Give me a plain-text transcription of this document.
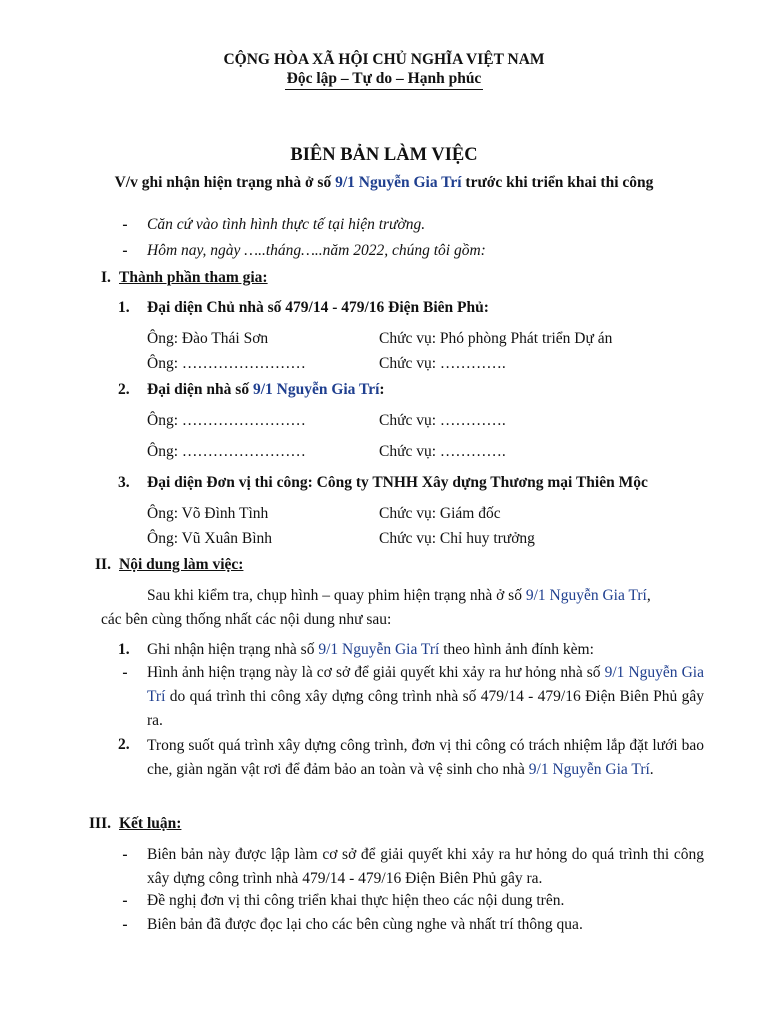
CỘNG HÒA XÃ HỘI CHỦ NGHĨA VIỆT NAM
Độc lập – Tự do – Hạnh phúc
BIÊN BẢN LÀM VIỆC
V/v ghi nhận hiện trạng nhà ở số 9/1 Nguyễn Gia Trí trước khi triển khai thi công
- Căn cứ vào tình hình thực tế tại hiện trường.
- Hôm nay, ngày …..tháng…..năm 2022, chúng tôi gồm:
I. Thành phần tham gia:
1. Đại diện Chủ nhà số 479/14 - 479/16 Điện Biên Phủ:
Ông: Đào Thái Sơn	Chức vụ: Phó phòng Phát triển Dự án
Ông: ……………………	Chức vụ: ………….
2. Đại diện nhà số 9/1 Nguyễn Gia Trí:
Ông: ……………………	Chức vụ: ………….
Ông: ……………………	Chức vụ: ………….
3. Đại diện Đơn vị thi công: Công ty TNHH Xây dựng Thương mại Thiên Mộc
Ông: Võ Đình Tình	Chức vụ: Giám đốc
Ông: Vũ Xuân Bình	Chức vụ: Chỉ huy trưởng
II. Nội dung làm việc:
Sau khi kiểm tra, chụp hình – quay phim hiện trạng nhà ở số 9/1 Nguyễn Gia Trí,
các bên cùng thống nhất các nội dung như sau:
1. Ghi nhận hiện trạng nhà số 9/1 Nguyễn Gia Trí theo hình ảnh đính kèm:
- Hình ảnh hiện trạng này là cơ sở để giải quyết khi xảy ra hư hỏng nhà số 9/1 Nguyễn Gia Trí do quá trình thi công xây dựng công trình nhà số 479/14 - 479/16 Điện Biên Phủ gây ra.
2. Trong suốt quá trình xây dựng công trình, đơn vị thi công có trách nhiệm lắp đặt lưới bao che, giàn ngăn vật rơi để đảm bảo an toàn và vệ sinh cho nhà 9/1 Nguyễn Gia Trí.
III. Kết luận:
- Biên bản này được lập làm cơ sở để giải quyết khi xảy ra hư hỏng do quá trình thi công xây dựng công trình nhà 479/14 - 479/16 Điện Biên Phủ gây ra.
- Đề nghị đơn vị thi công triển khai thực hiện theo các nội dung trên.
- Biên bản đã được đọc lại cho các bên cùng nghe và nhất trí thông qua.
